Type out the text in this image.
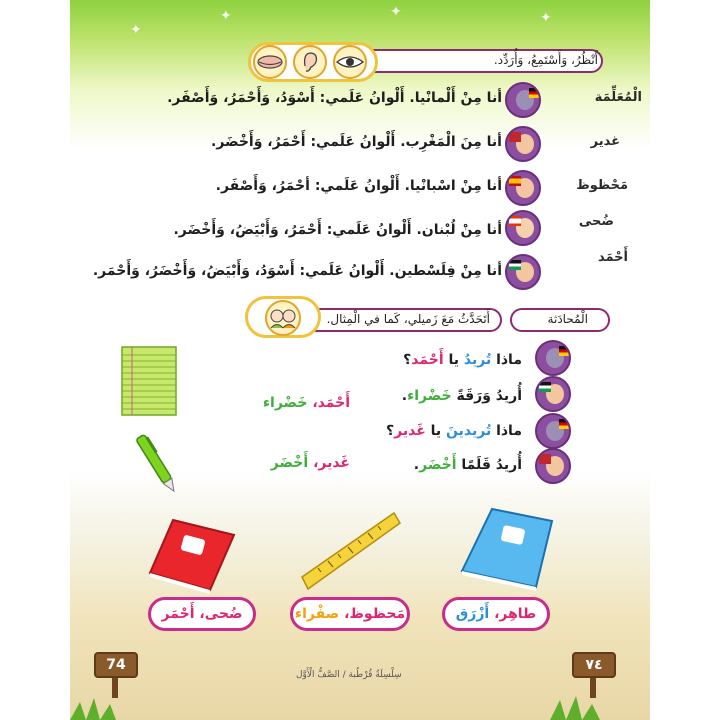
✦	✦	✦
✦
أَنْظُرُ، وَأَسْتَمِعُ، وَأُرَدِّد.
الْمُعَلِّمَة
أنا مِنْ أَلْمانْيا. أَلْوانُ عَلَمي: أَسْوَدُ، وَأَحْمَرُ، وَأَصْفَر.
غدير
أنا مِنَ الْمَغْرِب. أَلْوانُ عَلَمي: أَحْمَرُ، وَأَخْضَر.
مَحْظوظ
أنا مِنْ اسْبانْيا. أَلْوانُ عَلَمي: أحْمَرُ، وَأَصْفَر.
ضُحى
أنا مِنْ لُبْنان. أَلْوانُ عَلَمي: أَحْمَرُ، وَأَبْيَضُ، وَأَخْضَر.
أَحْمَد
أنا مِنْ فِلَسْطين. أَلْوانُ عَلَمي: أَسْوَدُ، وَأَبْيَضُ، وَأَخْضَرُ، وَأَحْمَر.
الْمُحادَثة
أَتَحَدَّثُ مَعَ زَميلي، كَما في الْمِثال.
ماذا تُريدُ يا أَحْمَد؟
أُريدُ وَرَقَةً خَضْراء.
ماذا تُريدينَ يا غَدير؟
أُريدُ قَلَمًا أَخْضَر.
أَحْمَد، خَضْراء
غَدير، أَخْضَر
طاهِر،

أَزْرَق
مَحظوظ،

صفْراء
ضُحى،

أَحْمَر
74
سِلْسِلَةُ قُرْطُبة / الصَّفُّ الْأَوَّل
٧٤
